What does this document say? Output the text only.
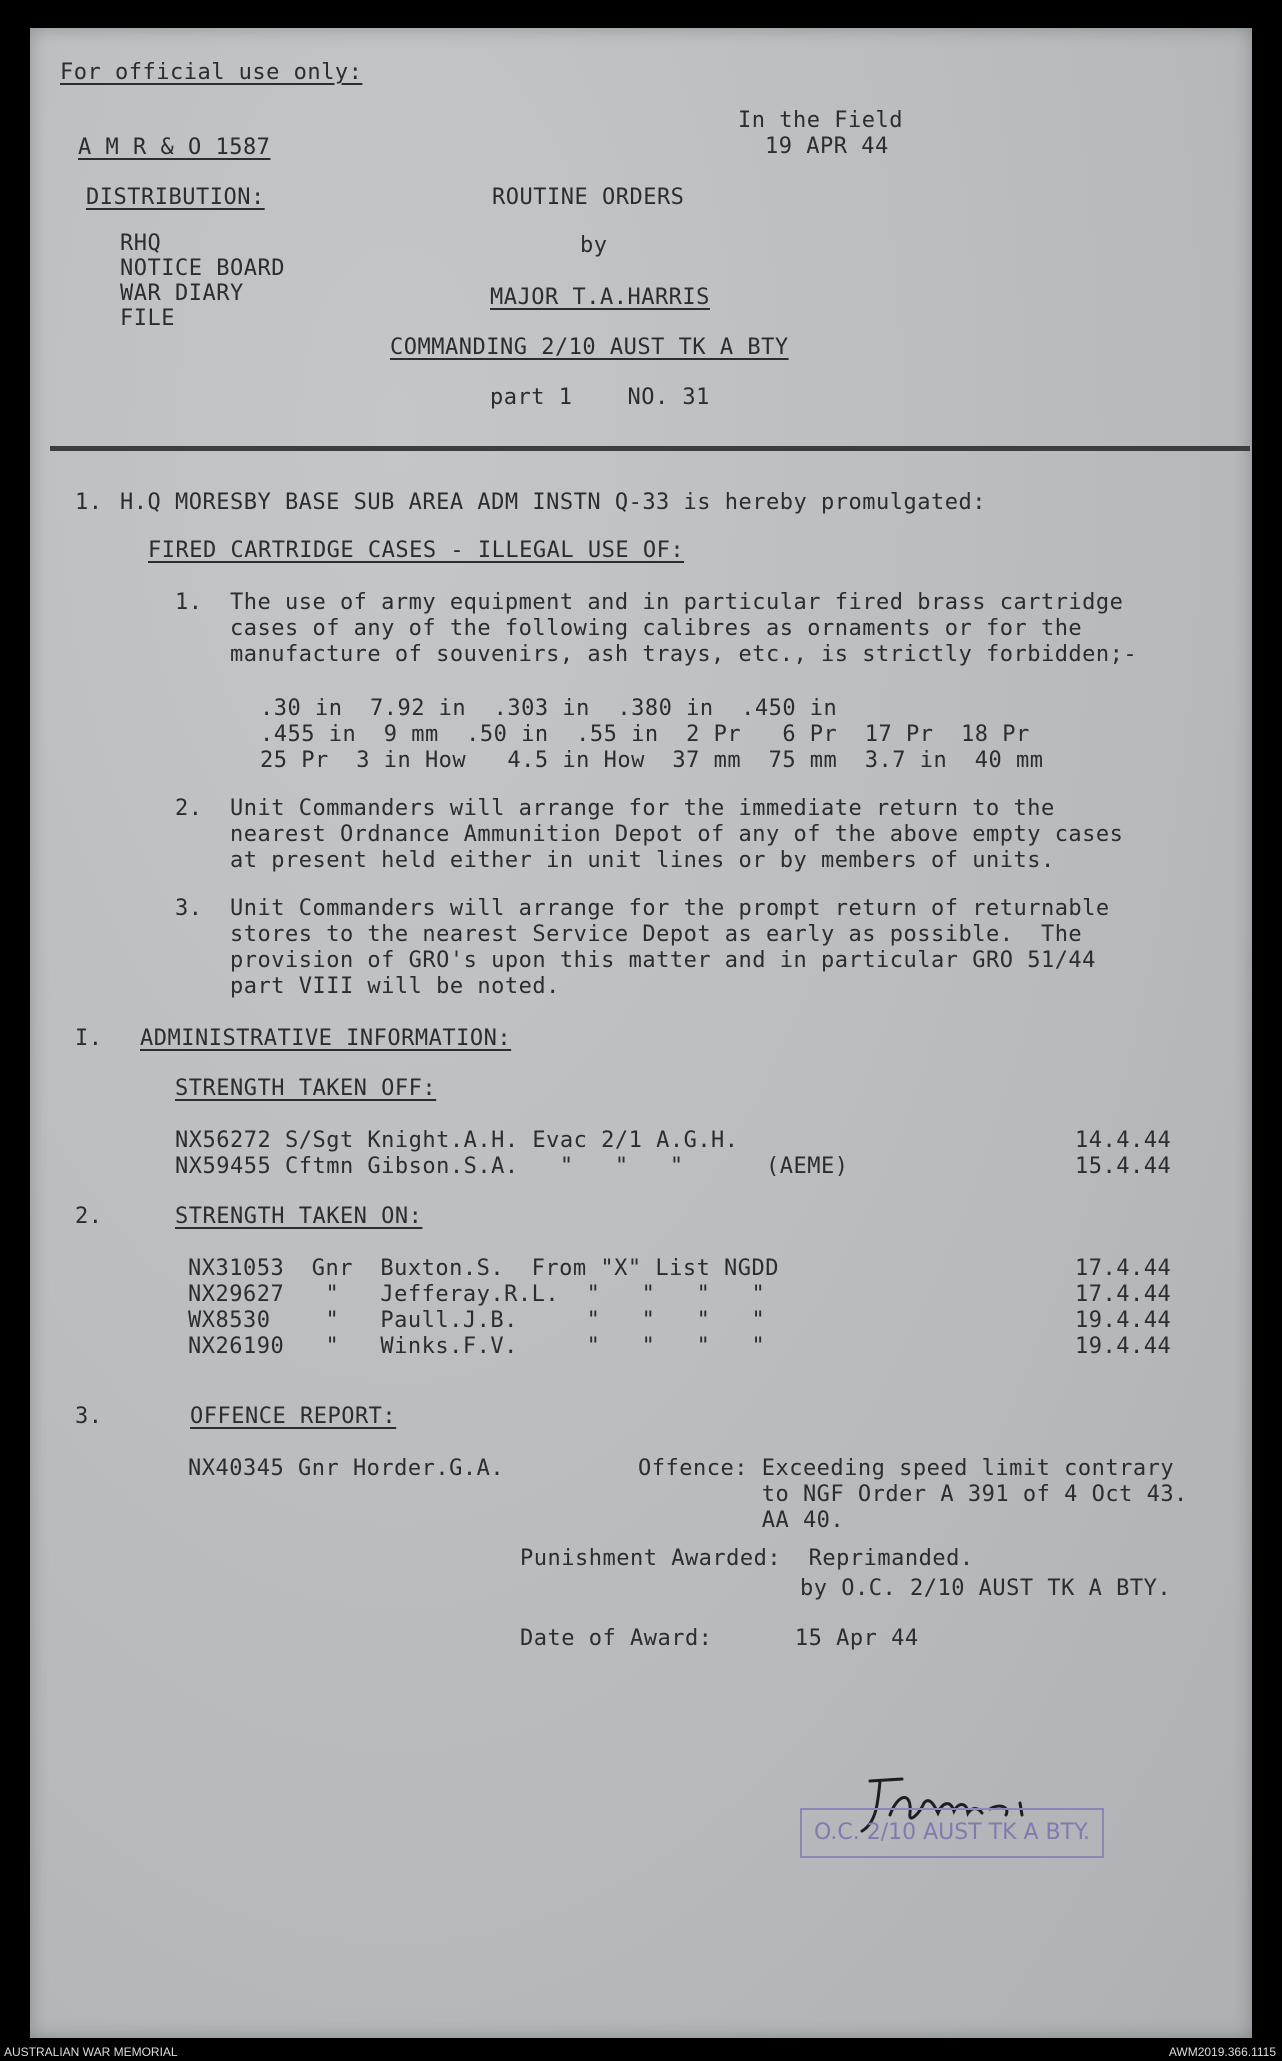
For official use only:
A M R & O 1587
In the Field
19 APR 44
DISTRIBUTION:
RHQ
NOTICE BOARD
WAR DIARY
FILE
ROUTINE ORDERS
by
MAJOR T.A.HARRIS
COMMANDING 2/10 AUST TK A BTY
part 1    NO. 31
1. H.Q MORESBY BASE SUB AREA ADM INSTN Q-33 is hereby promulgated:
FIRED CARTRIDGE CASES - ILLEGAL USE OF:
1.  The use of army equipment and in particular fired brass cartridge
cases of any of the following calibres as ornaments or for the
manufacture of souvenirs, ash trays, etc., is strictly forbidden;-
.30 in  7.92 in  .303 in  .380 in  .450 in
.455 in  9 mm  .50 in  .55 in  2 Pr   6 Pr  17 Pr  18 Pr
25 Pr  3 in How   4.5 in How  37 mm  75 mm  3.7 in  40 mm
2.  Unit Commanders will arrange for the immediate return to the
nearest Ordnance Ammunition Depot of any of the above empty cases
at present held either in unit lines or by members of units.
3.  Unit Commanders will arrange for the prompt return of returnable
stores to the nearest Service Depot as early as possible.  The
provision of GRO's upon this matter and in particular GRO 51/44
part VIII will be noted.
I. ADMINISTRATIVE INFORMATION:
STRENGTH TAKEN OFF:
NX56272 S/Sgt Knight.A.H. Evac 2/1 A.G.H.	14.4.44
NX59455 Cftmn Gibson.S.A.   "   "   "      (AEME)	15.4.44
2.	STRENGTH TAKEN ON:
NX31053  Gnr  Buxton.S.  From "X" List NGDD	17.4.44
NX29627   "   Jefferay.R.L.  "   "   "   "	17.4.44
WX8530    "   Paull.J.B.     "   "   "   "	19.4.44
NX26190   "   Winks.F.V.     "   "   "   "	19.4.44
3.	OFFENCE REPORT:
NX40345 Gnr Horder.G.A.	Offence: Exceeding speed limit contrary
to NGF Order A 391 of 4 Oct 43.
AA 40.
Punishment Awarded:  Reprimanded.
by O.C. 2/10 AUST TK A BTY.
Date of Award:      15 Apr 44
O.C. 2/10 AUST TK A BTY.
AUSTRALIAN WAR MEMORIAL	AWM2019.366.1115
